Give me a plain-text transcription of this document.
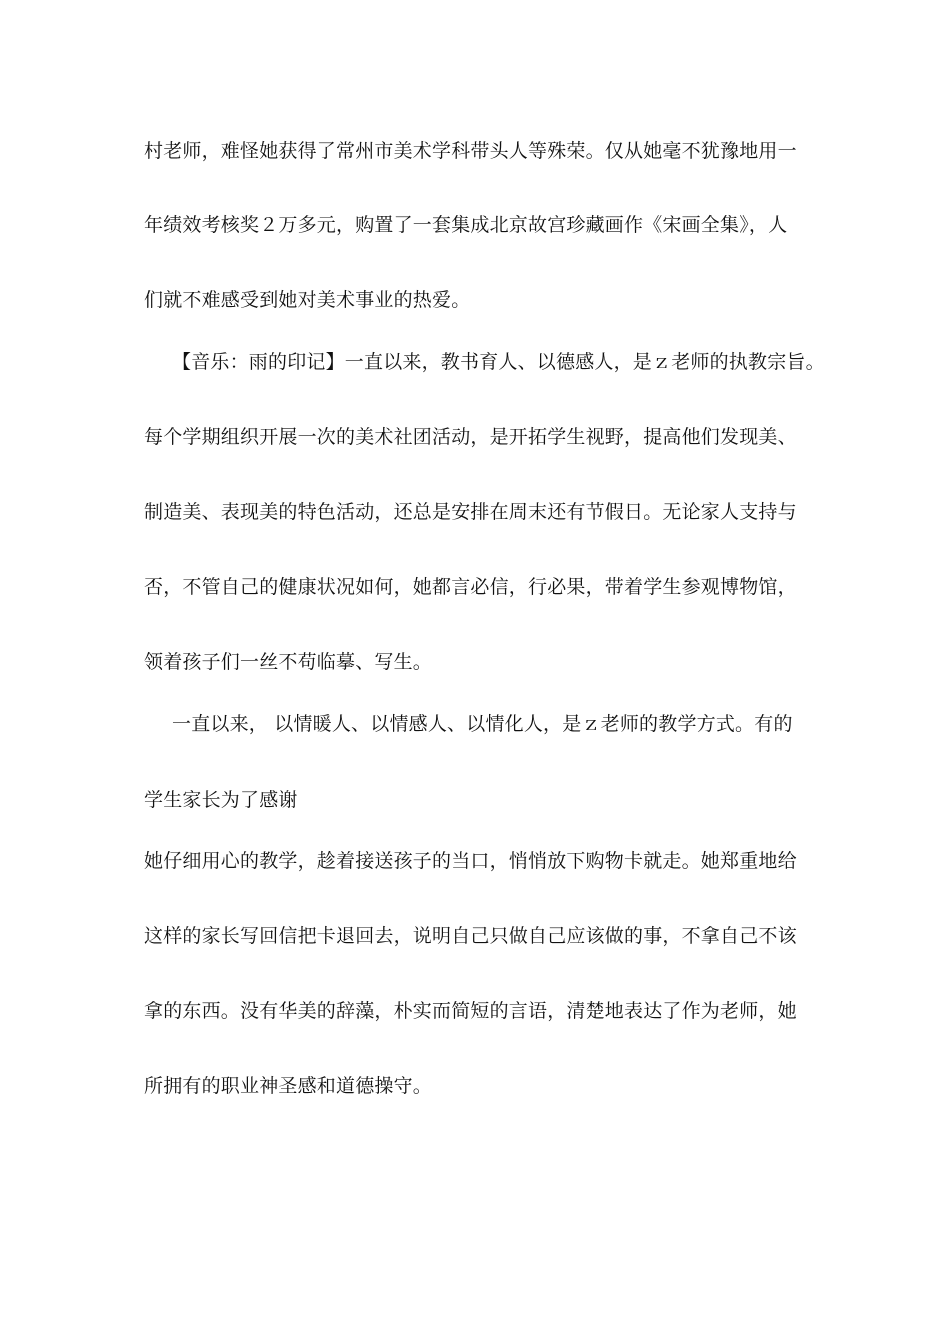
村老师，难怪她获得了常州市美术学科带头人等殊荣。仅从她毫不犹豫地用一
年绩效考核奖２万多元，购置了一套集成北京故宫珍藏画作《宋画全集》，人
们就不难感受到她对美术事业的热爱。
【音乐：雨的印记】一直以来，教书育人、以德感人，是ｚ老师的执教宗旨。
每个学期组织开展一次的美术社团活动，是开拓学生视野，提高他们发现美、
制造美、表现美的特色活动，还总是安排在周末还有节假日。无论家人支持与
否，不管自己的健康状况如何，她都言必信，行必果，带着学生参观博物馆，
领着孩子们一丝不苟临摹、写生。
一直以来， 以情暖人、以情感人、以情化人，是ｚ老师的教学方式。有的
学生家长为了感谢
她仔细用心的教学，趁着接送孩子的当口，悄悄放下购物卡就走。她郑重地给
这样的家长写回信把卡退回去，说明自己只做自己应该做的事，不拿自己不该
拿的东西。没有华美的辞藻，朴实而简短的言语，清楚地表达了作为老师，她
所拥有的职业神圣感和道德操守。
